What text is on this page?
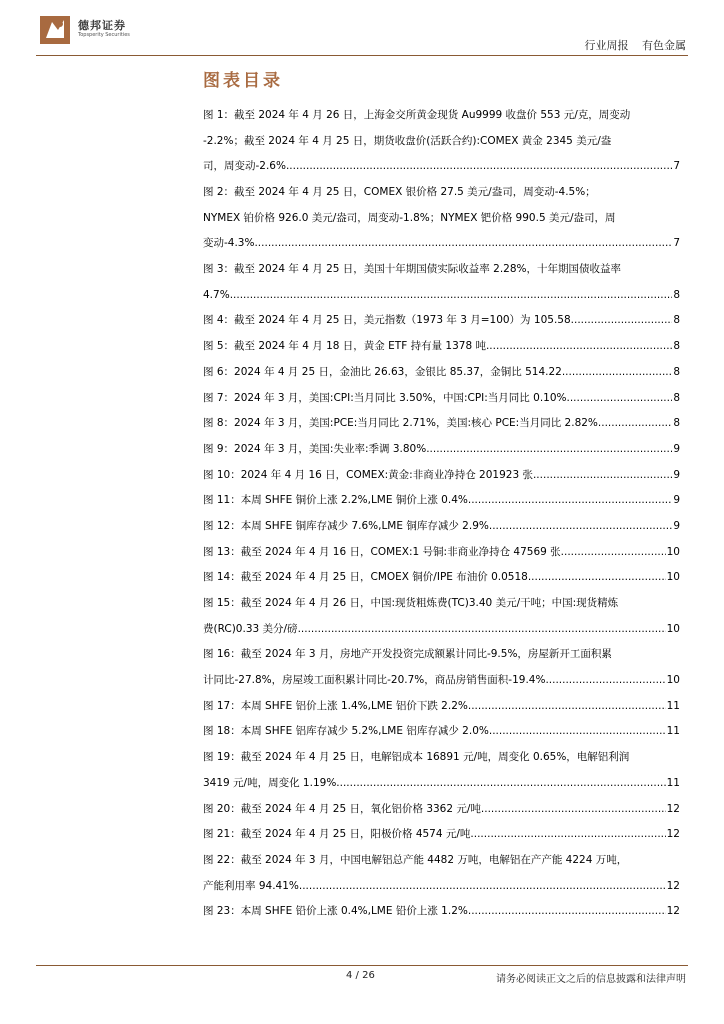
德邦证券
Topsperity Securities
行业周报 有色金属
图表目录
图 1：截至 2024 年 4 月 26 日，上海金交所黄金现货 Au9999 收盘价 553 元/克，周变动
-2.2%；截至 2024 年 4 月 25 日，期货收盘价(活跃合约):COMEX 黄金 2345 美元/盎
司，周变动-2.6% .....	7
图 2：截至 2024 年 4 月 25 日，COMEX 银价格 27.5 美元/盎司，周变动-4.5%；
NYMEX 铂价格 926.0 美元/盎司，周变动-1.8%；NYMEX 钯价格 990.5 美元/盎司，周
变动-4.3% .....	7
图 3：截至 2024 年 4 月 25 日，美国十年期国债实际收益率 2.28%，十年期国债收益率
4.7% .....	8
图 4：截至 2024 年 4 月 25 日，美元指数（1973 年 3 月=100）为 105.58 .....	8
图 5：截至 2024 年 4 月 18 日，黄金 ETF 持有量 1378 吨 .....	8
图 6：2024 年 4 月 25 日，金油比 26.63，金银比 85.37，金铜比 514.22 .....	8
图 7：2024 年 3 月，美国:CPI:当月同比 3.50%，中国:CPI:当月同比 0.10% .....	8
图 8：2024 年 3 月，美国:PCE:当月同比 2.71%，美国:核心 PCE:当月同比 2.82% .....	8
图 9：2024 年 3 月，美国:失业率:季调 3.80% .....	9
图 10：2024 年 4 月 16 日，COMEX:黄金:非商业净持仓 201923 张 .....	9
图 11：本周 SHFE 铜价上涨 2.2%,LME 铜价上涨 0.4% .....	9
图 12：本周 SHFE 铜库存减少 7.6%,LME 铜库存减少 2.9% .....	9
图 13：截至 2024 年 4 月 16 日，COMEX:1 号铜:非商业净持仓 47569 张 .....	10
图 14：截至 2024 年 4 月 25 日，CMOEX 铜价/IPE 布油价 0.0518 .....	10
图 15：截至 2024 年 4 月 26 日，中国:现货粗炼费(TC)3.40 美元/干吨；中国:现货精炼
费(RC)0.33 美分/磅 .....	10
图 16：截至 2024 年 3 月，房地产开发投资完成额累计同比-9.5%，房屋新开工面积累
计同比-27.8%，房屋竣工面积累计同比-20.7%，商品房销售面积-19.4% .....	10
图 17：本周 SHFE 铝价上涨 1.4%,LME 铝价下跌 2.2% .....	11
图 18：本周 SHFE 铝库存减少 5.2%,LME 铝库存减少 2.0% .....	11
图 19：截至 2024 年 4 月 25 日，电解铝成本 16891 元/吨，周变化 0.65%，电解铝利润
3419 元/吨，周变化 1.19% .....	11
图 20：截至 2024 年 4 月 25 日，氧化铝价格 3362 元/吨 .....	12
图 21：截至 2024 年 4 月 25 日，阳极价格 4574 元/吨 .....	12
图 22：截至 2024 年 3 月，中国电解铝总产能 4482 万吨，电解铝在产产能 4224 万吨，
产能利用率 94.41% .....	12
图 23：本周 SHFE 铅价上涨 0.4%,LME 铅价上涨 1.2% .....	12
4 / 26	请务必阅读正文之后的信息披露和法律声明
